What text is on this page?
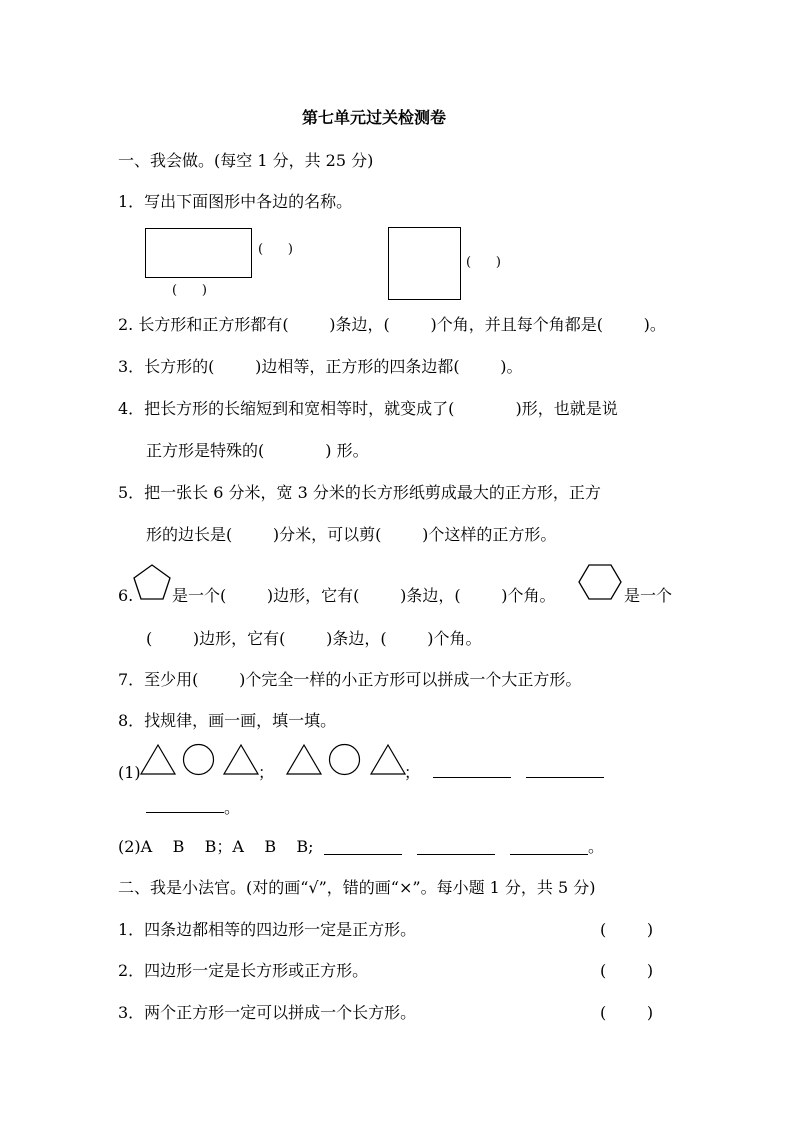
第七单元过关检测卷
一、我会做。(每空 1 分，共 25 分)
1．写出下面图形中各边的名称。
(      )
(      )
(      )
2. 长方形和正方形都有(        )条边，(        )个角，并且每个角都是(        )。
3．长方形的(        )边相等，正方形的四条边都(        )。
4．把长方形的长缩短到和宽相等时，就变成了(            )形，也就是说
正方形是特殊的(            ) 形。
5．把一张长 6 分米，宽 3 分米的长方形纸剪成最大的正方形，正方
形的边长是(        )分米，可以剪(        )个这样的正方形。
6. 是一个(        )边形，它有(        )条边，(        )个角。	是一个
(        )边形，它有(        )条边，(        )个角。
7．至少用(        )个完全一样的小正方形可以拼成一个大正方形。
8．找规律，画一画，填一填。
(1)	；	；
。
(2)A    B    B；A    B    B;	。
二、我是小法官。(对的画“√”，错的画“×”。每小题 1 分，共 5 分)
1．四条边都相等的四边形一定是正方形。	(        )
2．四边形一定是长方形或正方形。	(        )
3．两个正方形一定可以拼成一个长方形。	(        )
